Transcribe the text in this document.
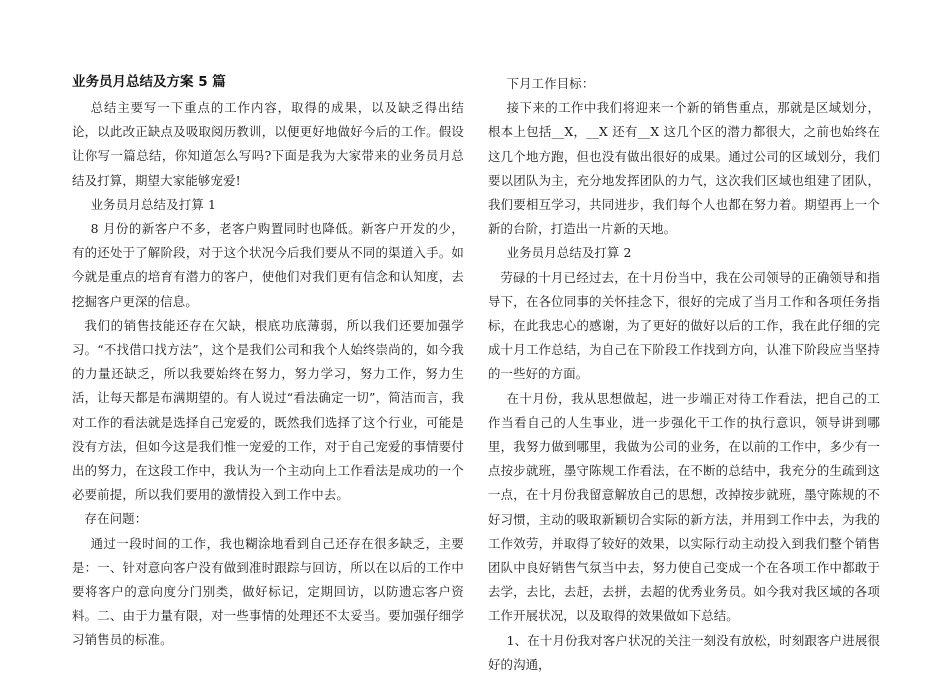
业务员月总结及方案 5 篇

总结主要写一下重点的工作内容，取得的成果，以及缺乏得出结论，以此改正缺点及吸取阅历教训，以便更好地做好今后的工作。假设让你写一篇总结，你知道怎么写吗?下面是我为大家带来的业务员月总结及打算，期望大家能够宠爱!

业务员月总结及打算 1

8 月份的新客户不多，老客户购置同时也降低。新客户开发的少，有的还处于了解阶段，对于这个状况今后我们要从不同的渠道入手。如今就是重点的培育有潜力的客户，使他们对我们更有信念和认知度，去挖掘客户更深的信息。

我们的销售技能还存在欠缺，根底功底薄弱，所以我们还要加强学习。“不找借口找方法”，这个是我们公司和我个人始终崇尚的，如今我的力量还缺乏，所以我要始终在努力，努力学习，努力工作，努力生活，让每天都是布满期望的。有人说过“看法确定一切”，简洁而言，我对工作的看法就是选择自己宠爱的，既然我们选择了这个行业，可能是没有方法，但如今这是我们惟一宠爱的工作，对于自己宠爱的事情要付出的努力，在这段工作中，我认为一个主动向上工作看法是成功的一个必要前提，所以我们要用的激情投入到工作中去。

存在问题：

通过一段时间的工作，我也糊涂地看到自己还存在很多缺乏，主要是：一、针对意向客户没有做到准时跟踪与回访，所以在以后的工作中要将客户的意向度分门别类，做好标记，定期回访，以防遗忘客户资料。二、由于力量有限，对一些事情的处理还不太妥当。要加强仔细学习销售员的标准。

下月工作目标：

接下来的工作中我们将迎来一个新的销售重点，那就是区域划分，根本上包括__X，__X 还有__X 这几个区的潜力都很大，之前也始终在这几个地方跑，但也没有做出很好的成果。通过公司的区域划分，我们要以团队为主，充分地发挥团队的力气，这次我们区域也组建了团队，我们要相互学习，共同进步，我们每个人也都在努力着。期望再上一个新的台阶，打造出一片新的天地。

业务员月总结及打算 2

劳碌的十月已经过去，在十月份当中，我在公司领导的正确领导和指导下，在各位同事的关怀挂念下，很好的完成了当月工作和各项任务指标，在此我忠心的感谢，为了更好的做好以后的工作，我在此仔细的完成十月工作总结，为自己在下阶段工作找到方向，认准下阶段应当坚持的一些好的方面。

在十月份，我从思想做起，进一步端正对待工作看法，把自己的工作当看自己的人生事业，进一步强化干工作的执行意识，领导讲到哪里，我努力做到哪里，我做为公司的业务，在以前的工作中，多少有一点按步就班，墨守陈规工作看法，在不断的总结中，我充分的生疏到这一点，在十月份我留意解放自己的思想，改掉按步就班，墨守陈规的不好习惯，主动的吸取新颖切合实际的新方法，并用到工作中去，为我的工作效劳，并取得了较好的效果，以实际行动主动投入到我们整个销售团队中良好销售气氛当中去，努力使自己变成一个在各项工作中都敢于去学，去比，去赶，去拼，去超的优秀业务员。如今我对我区域的各项工作开展状况，以及取得的效果做如下总结。

1、在十月份我对客户状况的关注一刻没有放松，时刻跟客户进展很好的沟通，
